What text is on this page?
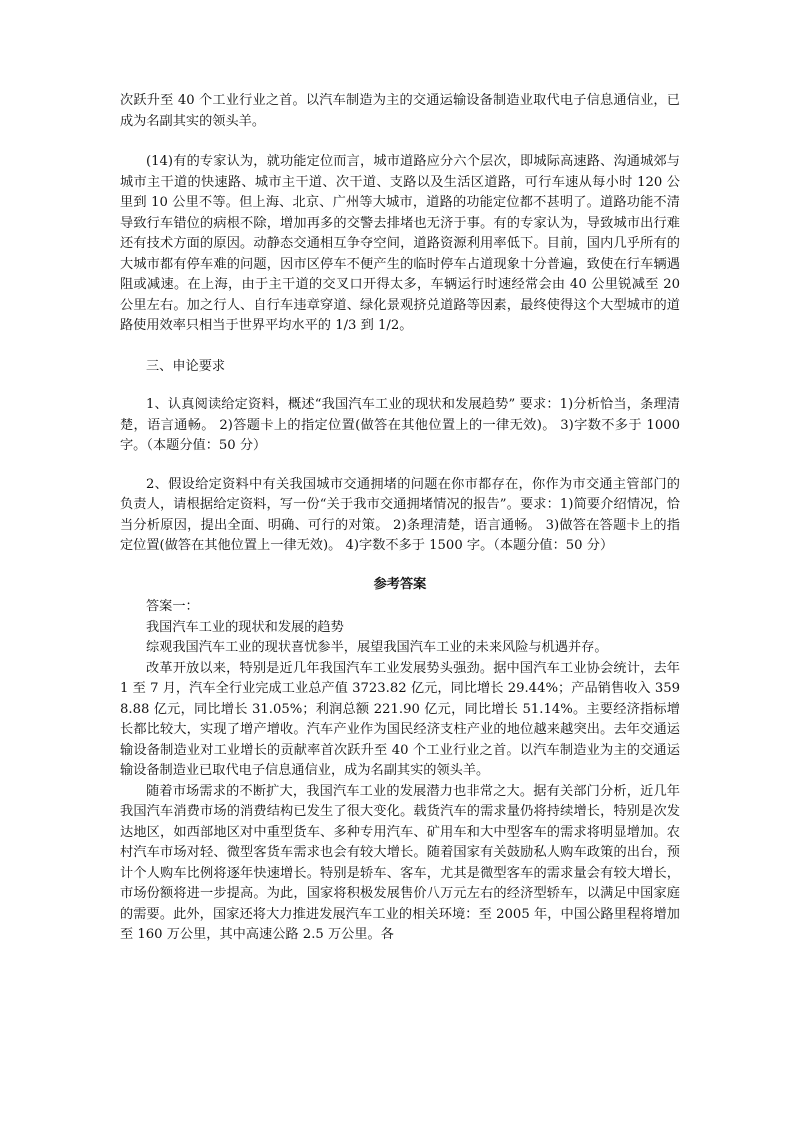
次跃升至 40 个工业行业之首。以汽车制造为主的交通运输设备制造业取代电子信息通信业，已成为名副其实的领头羊。

(14)有的专家认为，就功能定位而言，城市道路应分六个层次，即城际高速路、沟通城郊与城市主干道的快速路、城市主干道、次干道、支路以及生活区道路，可行车速从每小时 120 公里到 10 公里不等。但上海、北京、广州等大城市，道路的功能定位都不甚明了。道路功能不清导致行车错位的病根不除，增加再多的交警去排堵也无济于事。有的专家认为，导致城市出行难还有技术方面的原因。动静态交通相互争夺空间，道路资源利用率低下。目前，国内几乎所有的大城市都有停车难的问题，因市区停车不便产生的临时停车占道现象十分普遍，致使在行车辆遇阻或减速。在上海，由于主干道的交叉口开得太多，车辆运行时速经常会由 40 公里锐减至 20 公里左右。加之行人、自行车违章穿道、绿化景观挤兑道路等因素，最终使得这个大型城市的道路使用效率只相当于世界平均水平的 1/3 到 1/2。

三、申论要求

1、认真阅读给定资料，概述“我国汽车工业的现状和发展趋势” 要求：1)分析恰当，条理清楚，语言通畅。 2)答题卡上的指定位置(做答在其他位置上的一律无效)。 3)字数不多于 1000 字。（本题分值：50 分）

2、假设给定资料中有关我国城市交通拥堵的问题在你市都存在，你作为市交通主管部门的负责人，请根据给定资料，写一份“关于我市交通拥堵情况的报告”。要求：1)简要介绍情况，恰当分析原因，提出全面、明确、可行的对策。 2)条理清楚，语言通畅。 3)做答在答题卡上的指定位置(做答在其他位置上一律无效)。 4)字数不多于 1500 字。（本题分值：50 分）

参考答案

答案一：

我国汽车工业的现状和发展的趋势

综观我国汽车工业的现状喜忧参半，展望我国汽车工业的未来风险与机遇并存。

改革开放以来，特别是近几年我国汽车工业发展势头强劲。据中国汽车工业协会统计，去年 1 至 7 月，汽车全行业完成工业总产值 3723.82 亿元，同比增长 29.44%；产品销售收入 3598.88 亿元，同比增长 31.05%；利润总额 221.90 亿元，同比增长 51.14%。主要经济指标增长都比较大，实现了增产增收。汽车产业作为国民经济支柱产业的地位越来越突出。去年交通运输设备制造业对工业增长的贡献率首次跃升至 40 个工业行业之首。以汽车制造业为主的交通运输设备制造业已取代电子信息通信业，成为名副其实的领头羊。

随着市场需求的不断扩大，我国汽车工业的发展潜力也非常之大。据有关部门分析，近几年我国汽车消费市场的消费结构已发生了很大变化。载货汽车的需求量仍将持续增长，特别是次发达地区，如西部地区对中重型货车、多种专用汽车、矿用车和大中型客车的需求将明显增加。农村汽车市场对轻、微型客货车需求也会有较大增长。随着国家有关鼓励私人购车政策的出台，预计个人购车比例将逐年快速增长。特别是轿车、客车，尤其是微型客车的需求量会有较大增长，市场份额将进一步提高。为此，国家将积极发展售价八万元左右的经济型轿车，以满足中国家庭的需要。此外，国家还将大力推进发展汽车工业的相关环境：至 2005 年，中国公路里程将增加至 160 万公里，其中高速公路 2.5 万公里。各
